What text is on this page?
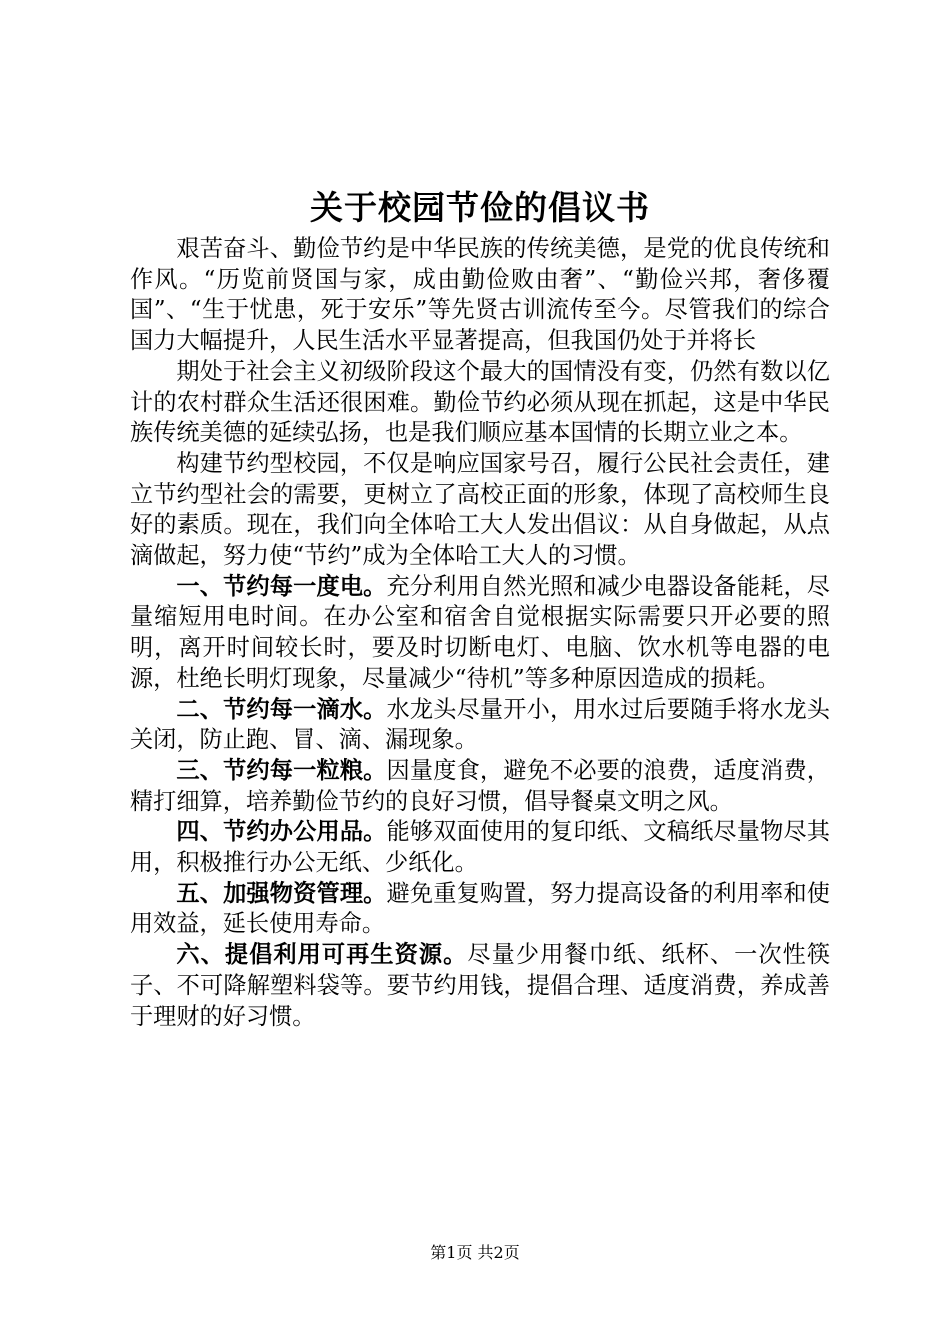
关于校园节俭的倡议书

艰苦奋斗、勤俭节约是中华民族的传统美德，是党的优良传统和作风。“历览前贤国与家，成由勤俭败由奢”、“勤俭兴邦，奢侈覆国”、“生于忧患，死于安乐”等先贤古训流传至今。尽管我们的综合国力大幅提升，人民生活水平显著提高，但我国仍处于并将长

期处于社会主义初级阶段这个最大的国情没有变，仍然有数以亿计的农村群众生活还很困难。勤俭节约必须从现在抓起，这是中华民族传统美德的延续弘扬，也是我们顺应基本国情的长期立业之本。

构建节约型校园，不仅是响应国家号召，履行公民社会责任，建立节约型社会的需要，更树立了高校正面的形象，体现了高校师生良好的素质。现在，我们向全体哈工大人发出倡议：从自身做起，从点滴做起，努力使“节约”成为全体哈工大人的习惯。

一、节约每一度电。充分利用自然光照和减少电器设备能耗，尽量缩短用电时间。在办公室和宿舍自觉根据实际需要只开必要的照明，离开时间较长时，要及时切断电灯、电脑、饮水机等电器的电源，杜绝长明灯现象，尽量减少“待机”等多种原因造成的损耗。

二、节约每一滴水。水龙头尽量开小，用水过后要随手将水龙头关闭，防止跑、冒、滴、漏现象。

三、节约每一粒粮。因量度食，避免不必要的浪费，适度消费，精打细算，培养勤俭节约的良好习惯，倡导餐桌文明之风。

四、节约办公用品。能够双面使用的复印纸、文稿纸尽量物尽其用，积极推行办公无纸、少纸化。

五、加强物资管理。避免重复购置，努力提高设备的利用率和使用效益，延长使用寿命。

六、提倡利用可再生资源。尽量少用餐巾纸、纸杯、一次性筷子、不可降解塑料袋等。要节约用钱，提倡合理、适度消费，养成善于理财的好习惯。

第1页 共2页
